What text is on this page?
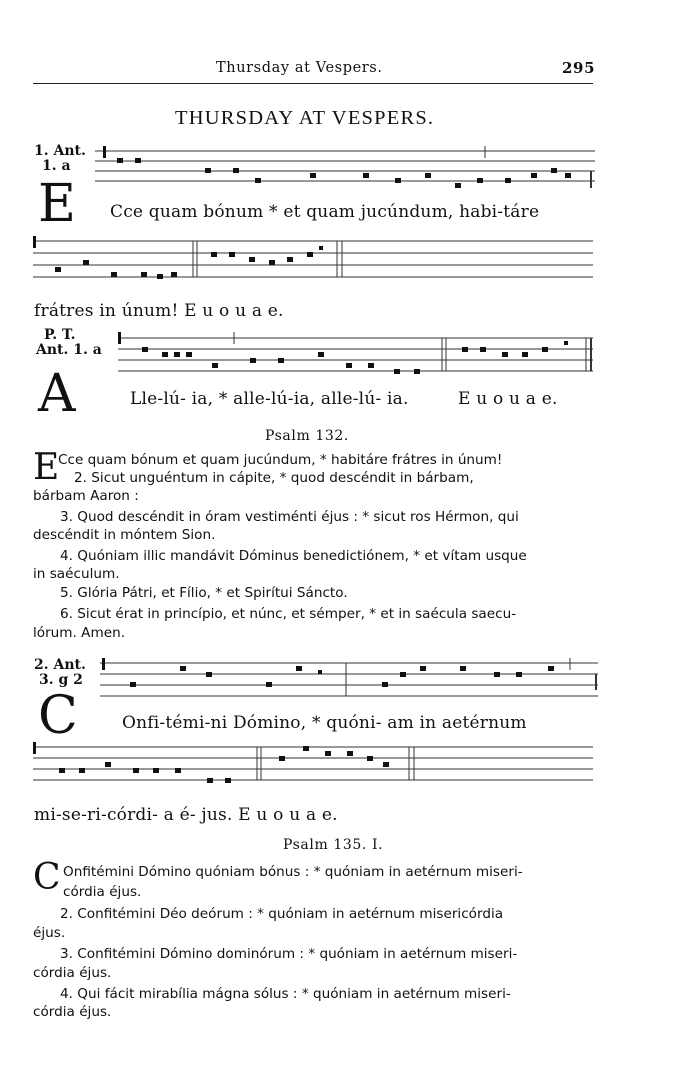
Thursday at Vespers.	295
THURSDAY AT VESPERS.
1. Ant.
1. a
E Cce quam bónum * et quam jucúndum, habi-táre
frátres in únum! E u o u a e.
P. T.
Ant. 1. a
A	Lle-lú- ia, * alle-lú-ia, alle-lú- ia.	E u o u a e.
Psalm 132.
E
Cce quam bónum et quam jucúndum, * habitáre frátres in únum!
2. Sicut unguéntum in cápite, * quod descéndit in bárbam,
bárbam Aaron :
3. Quod descéndit in óram vestiménti éjus : * sicut ros Hérmon, qui
descéndit in móntem Sion.
4. Quóniam illic mandávit Dóminus benedictiónem, * et vítam usque
in saéculum.
5. Glória Pátri, et Fílio, * et Spirítui Sáncto.
6. Sicut érat in princípio, et núnc, et sémper, * et in saécula saecu-
lórum. Amen.
2. Ant.
3. g 2
C	Onfi-témi-ni Dómino, * quóni- am in aetérnum
mi-se-ri-córdi- a é- jus. E u o u a e.
Psalm 135. I.
C Onfitémini Dómino quóniam bónus : * quóniam in aetérnum miseri-
córdia éjus.
2. Confitémini Déo deórum : * quóniam in aetérnum misericórdia
éjus.
3. Confitémini Dómino dominórum : * quóniam in aetérnum miseri-
córdia éjus.
4. Qui fácit mirabília mágna sólus : * quóniam in aetérnum miseri-
córdia éjus.
